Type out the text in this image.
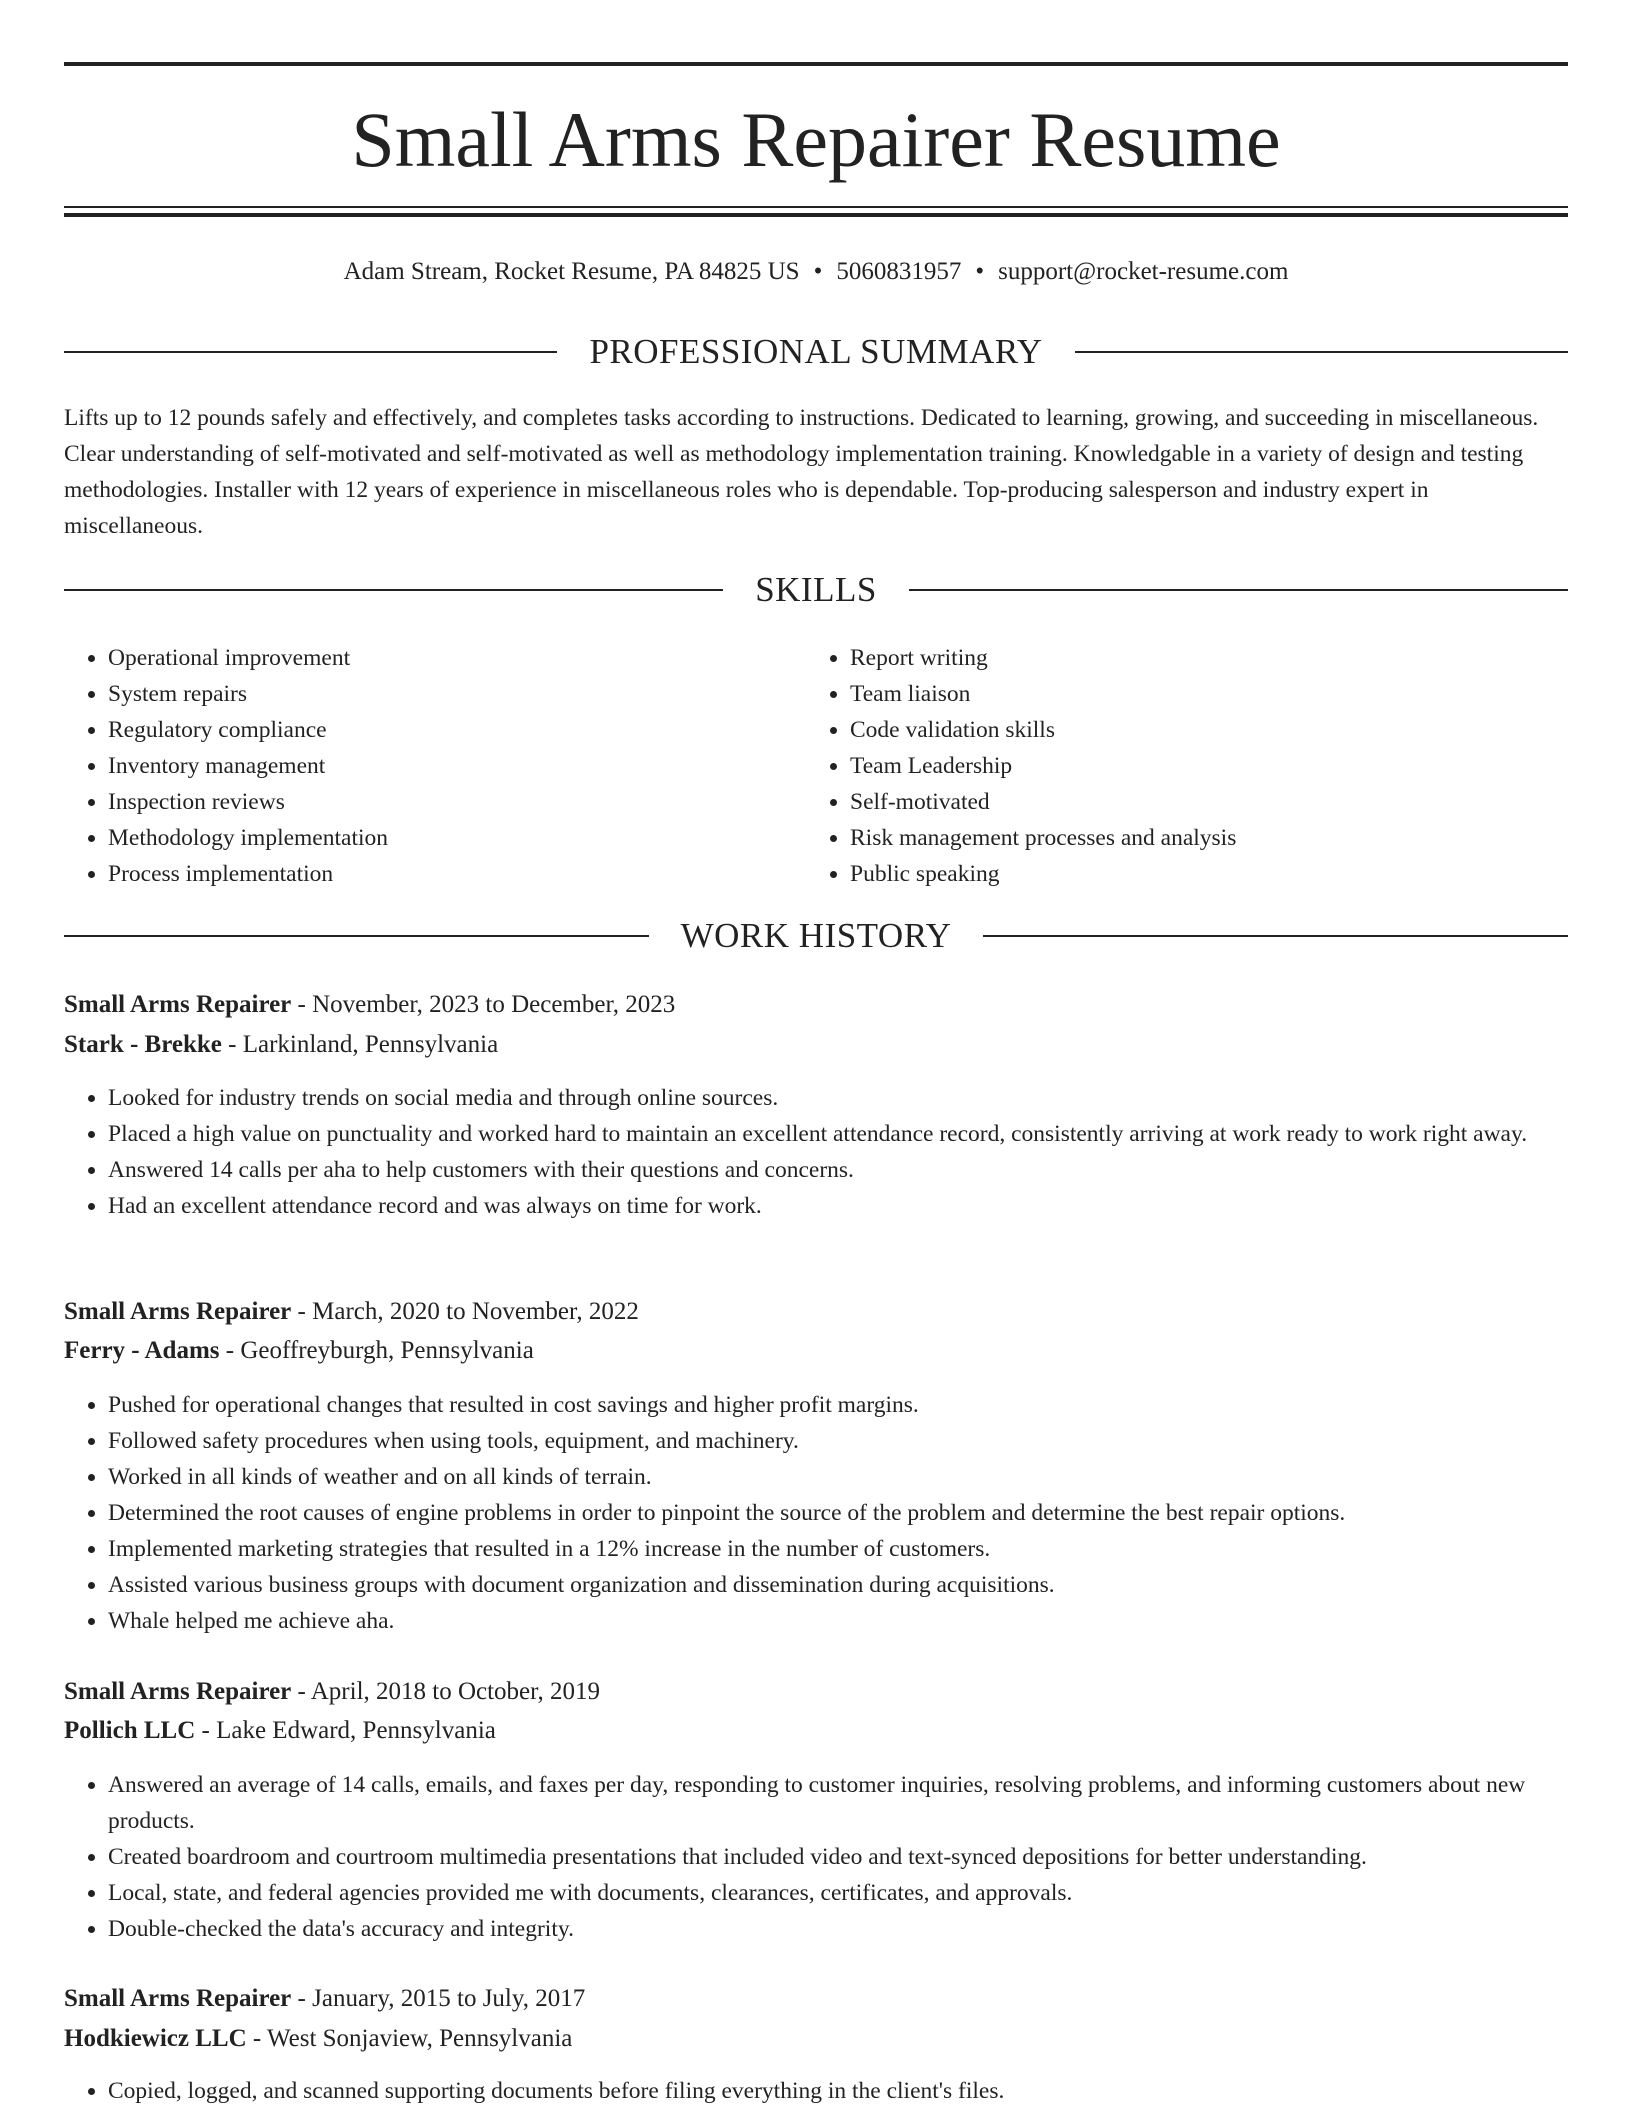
Small Arms Repairer Resume
Adam Stream, Rocket Resume, PA 84825 US • 5060831957 • support@rocket-resume.com
PROFESSIONAL SUMMARY

Lifts up to 12 pounds safely and effectively, and completes tasks according to instructions. Dedicated to learning, growing, and succeeding in miscellaneous. Clear understanding of self-motivated and self-motivated as well as methodology implementation training. Knowledgable in a variety of design and testing methodologies. Installer with 12 years of experience in miscellaneous roles who is dependable. Top-producing salesperson and industry expert in miscellaneous.

SKILLS
• Operational improvement
• System repairs
• Regulatory compliance
• Inventory management
• Inspection reviews
• Methodology implementation
• Process implementation
• Report writing
• Team liaison
• Code validation skills
• Team Leadership
• Self-motivated
• Risk management processes and analysis
• Public speaking
WORK HISTORY
Small Arms Repairer - November, 2023 to December, 2023
Stark - Brekke - Larkinland, Pennsylvania
• Looked for industry trends on social media and through online sources.
• Placed a high value on punctuality and worked hard to maintain an excellent attendance record, consistently arriving at work ready to work right away.
• Answered 14 calls per aha to help customers with their questions and concerns.
• Had an excellent attendance record and was always on time for work.
Small Arms Repairer - March, 2020 to November, 2022
Ferry - Adams - Geoffreyburgh, Pennsylvania
• Pushed for operational changes that resulted in cost savings and higher profit margins.
• Followed safety procedures when using tools, equipment, and machinery.
• Worked in all kinds of weather and on all kinds of terrain.
• Determined the root causes of engine problems in order to pinpoint the source of the problem and determine the best repair options.
• Implemented marketing strategies that resulted in a 12% increase in the number of customers.
• Assisted various business groups with document organization and dissemination during acquisitions.
• Whale helped me achieve aha.
Small Arms Repairer - April, 2018 to October, 2019
Pollich LLC - Lake Edward, Pennsylvania
• Answered an average of 14 calls, emails, and faxes per day, responding to customer inquiries, resolving problems, and informing customers about new products.
• Created boardroom and courtroom multimedia presentations that included video and text-synced depositions for better understanding.
• Local, state, and federal agencies provided me with documents, clearances, certificates, and approvals.
• Double-checked the data's accuracy and integrity.
Small Arms Repairer - January, 2015 to July, 2017
Hodkiewicz LLC - West Sonjaview, Pennsylvania
• Copied, logged, and scanned supporting documents before filing everything in the client's files.
